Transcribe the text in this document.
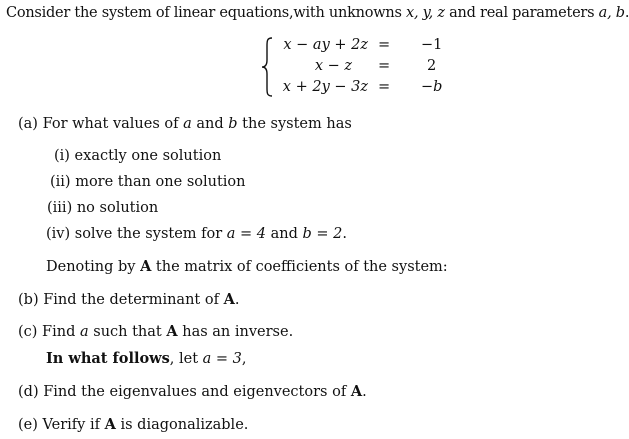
Consider the system of linear equations,with unknowns x, y, z and real parameters a, b.
x − ay + 2z = −1
x − z =	2
x + 2y − 3z = −b
(a) For what values of a and b the system has
(i) exactly one solution
(ii) more than one solution
(iii) no solution
(iv) solve the system for a = 4 and b = 2.
Denoting by A the matrix of coefficients of the system:
(b) Find the determinant of A.
(c) Find a such that A has an inverse.
In what follows, let a = 3,
(d) Find the eigenvalues and eigenvectors of A.
(e) Verify if A is diagonalizable.
